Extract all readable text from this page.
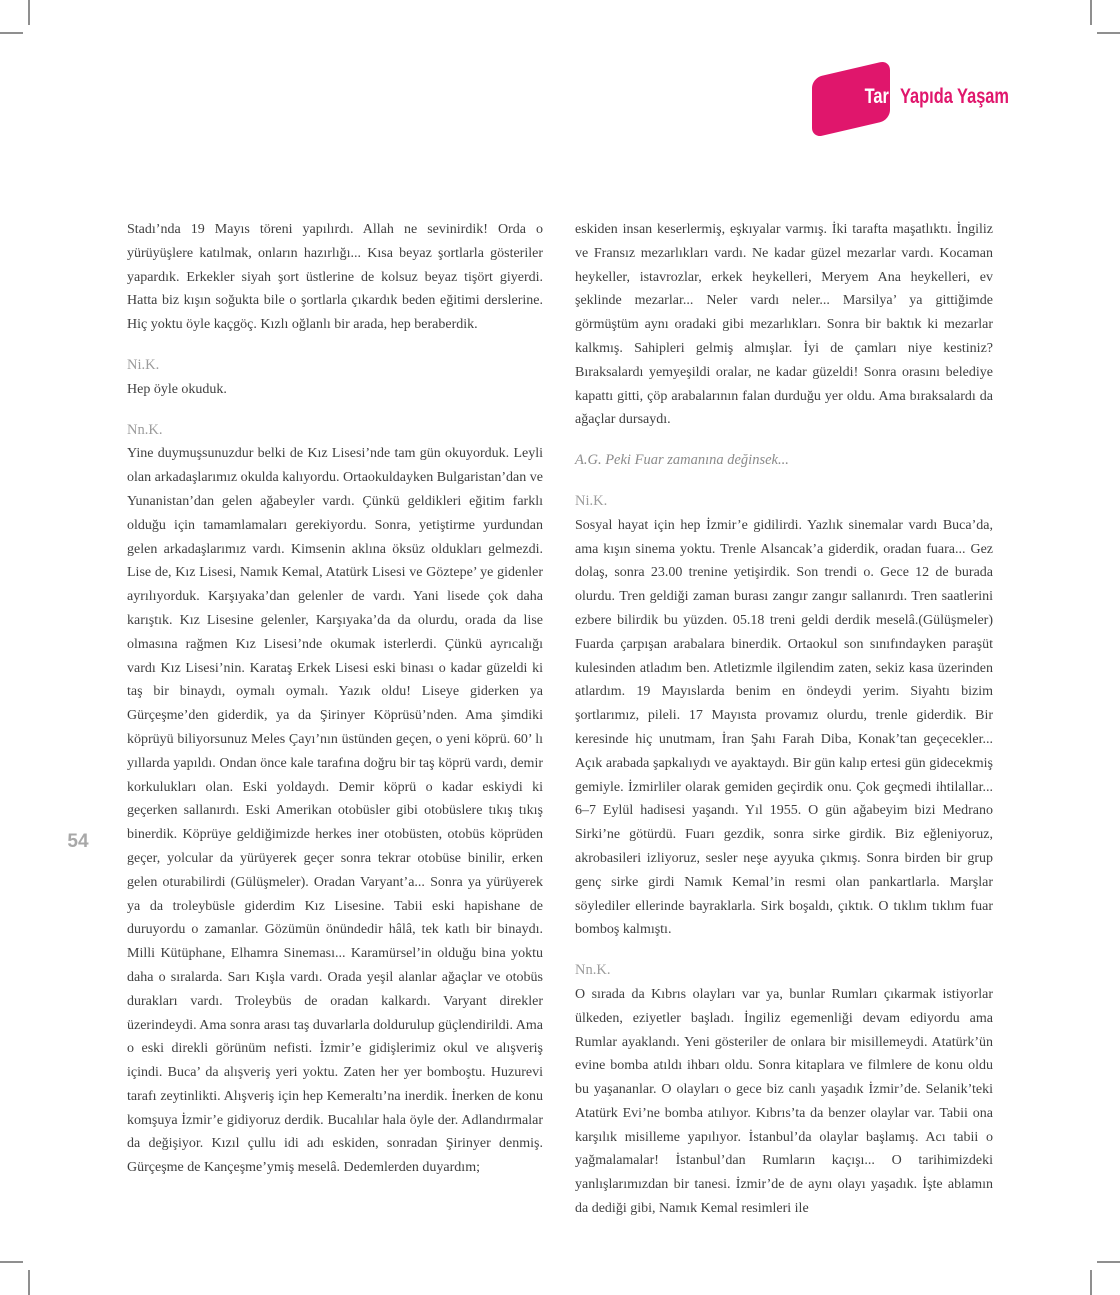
Tarihi
Yapıda Yaşam
54

Stadı’nda 19 Mayıs töreni yapılırdı. Allah ne sevinirdik! Orda o yürüyüşlere katılmak, onların hazırlığı... Kısa beyaz şortlarla gösteriler yapardık. Erkekler siyah şort üstlerine de kolsuz beyaz tişört giyerdi. Hatta biz kışın soğukta bile o şortlarla çıkardık beden eğitimi derslerine. Hiç yoktu öyle kaçgöç. Kızlı oğlanlı bir arada, hep beraberdik.

Ni.K.

Hep öyle okuduk.

Nn.K.

Yine duymuşsunuzdur belki de Kız Lisesi’nde tam gün okuyorduk. Leyli olan arkadaşlarımız okulda kalıyordu. Ortaokuldayken Bulgaristan’dan ve Yunanistan’dan gelen ağabeyler vardı. Çünkü geldikleri eğitim farklı olduğu için tamamlamaları gerekiyordu. Sonra, yetiştirme yurdundan gelen arkadaşlarımız vardı. Kimsenin aklına öksüz oldukları gelmezdi. Lise de, Kız Lisesi, Namık Kemal, Atatürk Lisesi ve Göztepe’ ye gidenler ayrılıyorduk. Karşıyaka’dan gelenler de vardı. Yani lisede çok daha karıştık. Kız Lisesine gelenler, Karşıyaka’da da olurdu, orada da lise olmasına rağmen Kız Lisesi’nde okumak isterlerdi. Çünkü ayrıcalığı vardı Kız Lisesi’nin. Karataş Erkek Lisesi eski binası o kadar güzeldi ki taş bir binaydı, oymalı oymalı. Yazık oldu! Liseye giderken ya Gürçeşme’den giderdik, ya da Şirinyer Köprüsü’nden. Ama şimdiki köprüyü biliyorsunuz Meles Çayı’nın üstünden geçen, o yeni köprü. 60’ lı yıllarda yapıldı. Ondan önce kale tarafına doğru bir taş köprü vardı, demir korkulukları olan. Eski yoldaydı. Demir köprü o kadar eskiydi ki geçerken sallanırdı. Eski Amerikan otobüsler gibi otobüslere tıkış tıkış binerdik. Köprüye geldiğimizde herkes iner otobüsten, otobüs köprüden geçer, yolcular da yürüyerek geçer sonra tekrar otobüse binilir, erken gelen oturabilirdi (Gülüşmeler). Oradan Varyant’a... Sonra ya yürüyerek ya da troleybüsle giderdim Kız Lisesine. Tabii eski hapishane de duruyordu o zamanlar. Gözümün önündedir hâlâ, tek katlı bir binaydı. Milli Kütüphane, Elhamra Sineması... Karamürsel’in olduğu bina yoktu daha o sıralarda. Sarı Kışla vardı. Orada yeşil alanlar ağaçlar ve otobüs durakları vardı. Troleybüs de oradan kalkardı. Varyant direkler üzerindeydi. Ama sonra arası taş duvarlarla doldurulup güçlendirildi. Ama o eski direkli görünüm nefisti. İzmir’e gidişlerimiz okul ve alışveriş içindi. Buca’ da alışveriş yeri yoktu. Zaten her yer bomboştu. Huzurevi tarafı zeytinlikti. Alışveriş için hep Kemeraltı’na inerdik. İnerken de konu komşuya İzmir’e gidiyoruz derdik. Bucalılar hala öyle der. Adlandırmalar da değişiyor. Kızıl çullu idi adı eskiden, sonradan Şirinyer denmiş. Gürçeşme de Kançeşme’ymiş meselâ. Dedemlerden duyardım;

eskiden insan keserlermiş, eşkıyalar varmış. İki tarafta maşatlıktı. İngiliz ve Fransız mezarlıkları vardı. Ne kadar güzel mezarlar vardı. Kocaman heykeller, istavrozlar, erkek heykelleri, Meryem Ana heykelleri, ev şeklinde mezarlar... Neler vardı neler... Marsilya’ ya gittiğimde görmüştüm aynı oradaki gibi mezarlıkları. Sonra bir baktık ki mezarlar kalkmış. Sahipleri gelmiş almışlar. İyi de çamları niye kestiniz? Bıraksalardı yemyeşildi oralar, ne kadar güzeldi! Sonra orasını belediye kapattı gitti, çöp arabalarının falan durduğu yer oldu. Ama bıraksalardı da ağaçlar dursaydı.

A.G. Peki Fuar zamanına değinsek...

Ni.K.

Sosyal hayat için hep İzmir’e gidilirdi. Yazlık sinemalar vardı Buca’da, ama kışın sinema yoktu. Trenle Alsancak’a giderdik, oradan fuara... Gez dolaş, sonra 23.00 trenine yetişirdik. Son trendi o. Gece 12 de burada olurdu. Tren geldiği zaman burası zangır zangır sallanırdı. Tren saatlerini ezbere bilirdik bu yüzden. 05.18 treni geldi derdik meselâ.(Gülüşmeler) Fuarda çarpışan arabalara binerdik. Ortaokul son sınıfındayken paraşüt kulesinden atladım ben. Atletizmle ilgilendim zaten, sekiz kasa üzerinden atlardım. 19 Mayıslarda benim en öndeydi yerim. Siyahtı bizim şortlarımız, pileli. 17 Mayısta provamız olurdu, trenle giderdik. Bir keresinde hiç unutmam, İran Şahı Farah Diba, Konak’tan geçecekler... Açık arabada şapkalıydı ve ayaktaydı. Bir gün kalıp ertesi gün gidecekmiş gemiyle. İzmirliler olarak gemiden geçirdik onu. Çok geçmedi ihtilallar... 6–7 Eylül hadisesi yaşandı. Yıl 1955. O gün ağabeyim bizi Medrano Sirki’ne götürdü. Fuarı gezdik, sonra sirke girdik. Biz eğleniyoruz, akrobasileri izliyoruz, sesler neşe ayyuka çıkmış. Sonra birden bir grup genç sirke girdi Namık Kemal’in resmi olan pankartlarla. Marşlar söylediler ellerinde bayraklarla. Sirk boşaldı, çıktık. O tıklım tıklım fuar bomboş kalmıştı.

Nn.K.

O sırada da Kıbrıs olayları var ya, bunlar Rumları çıkarmak istiyorlar ülkeden, eziyetler başladı. İngiliz egemenliği devam ediyordu ama Rumlar ayaklandı. Yeni gösteriler de onlara bir misillemeydi. Atatürk’ün evine bomba atıldı ihbarı oldu. Sonra kitaplara ve filmlere de konu oldu bu yaşananlar. O olayları o gece biz canlı yaşadık İzmir’de. Selanik’teki Atatürk Evi’ne bomba atılıyor. Kıbrıs’ta da benzer olaylar var. Tabii ona karşılık misilleme yapılıyor. İstanbul’da olaylar başlamış. Acı tabii o yağmalamalar! İstanbul’dan Rumların kaçışı... O tarihimizdeki yanlışlarımızdan bir tanesi. İzmir’de de aynı olayı yaşadık. İşte ablamın da dediği gibi, Namık Kemal resimleri ile
